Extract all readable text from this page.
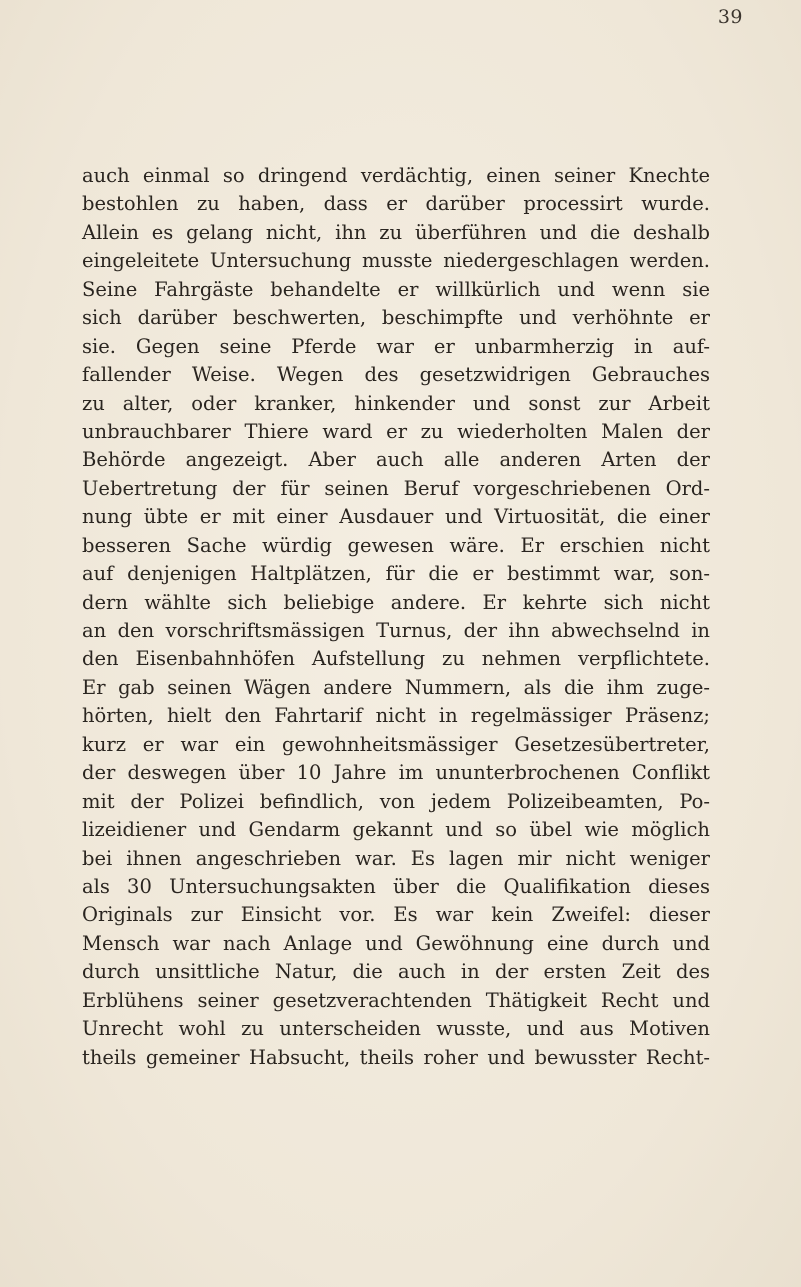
39
auch einmal so dringend verdächtig, einen seiner Knechte
bestohlen zu haben, dass er darüber processirt wurde.
Allein es gelang nicht, ihn zu überführen und die deshalb
eingeleitete Untersuchung musste niedergeschlagen werden.
Seine Fahrgäste behandelte er willkürlich und wenn sie
sich darüber beschwerten, beschimpfte und verhöhnte er
sie. Gegen seine Pferde war er unbarmherzig in auf-
fallender Weise. Wegen des gesetzwidrigen Gebrauches
zu alter, oder kranker, hinkender und sonst zur Arbeit
unbrauchbarer Thiere ward er zu wiederholten Malen der
Behörde angezeigt. Aber auch alle anderen Arten der
Uebertretung der für seinen Beruf vorgeschriebenen Ord-
nung übte er mit einer Ausdauer und Virtuosität, die einer
besseren Sache würdig gewesen wäre. Er erschien nicht
auf denjenigen Haltplätzen, für die er bestimmt war, son-
dern wählte sich beliebige andere. Er kehrte sich nicht
an den vorschriftsmässigen Turnus, der ihn abwechselnd in
den Eisenbahnhöfen Aufstellung zu nehmen verpflichtete.
Er gab seinen Wägen andere Nummern, als die ihm zuge-
hörten, hielt den Fahrtarif nicht in regelmässiger Präsenz;
kurz er war ein gewohnheitsmässiger Gesetzesübertreter,
der deswegen über 10 Jahre im ununterbrochenen Conflikt
mit der Polizei befindlich, von jedem Polizeibeamten, Po-
lizeidiener und Gendarm gekannt und so übel wie möglich
bei ihnen angeschrieben war. Es lagen mir nicht weniger
als 30 Untersuchungsakten über die Qualifikation dieses
Originals zur Einsicht vor. Es war kein Zweifel: dieser
Mensch war nach Anlage und Gewöhnung eine durch und
durch unsittliche Natur, die auch in der ersten Zeit des
Erblühens seiner gesetzverachtenden Thätigkeit Recht und
Unrecht wohl zu unterscheiden wusste, und aus Motiven
theils gemeiner Habsucht, theils roher und bewusster Recht-
